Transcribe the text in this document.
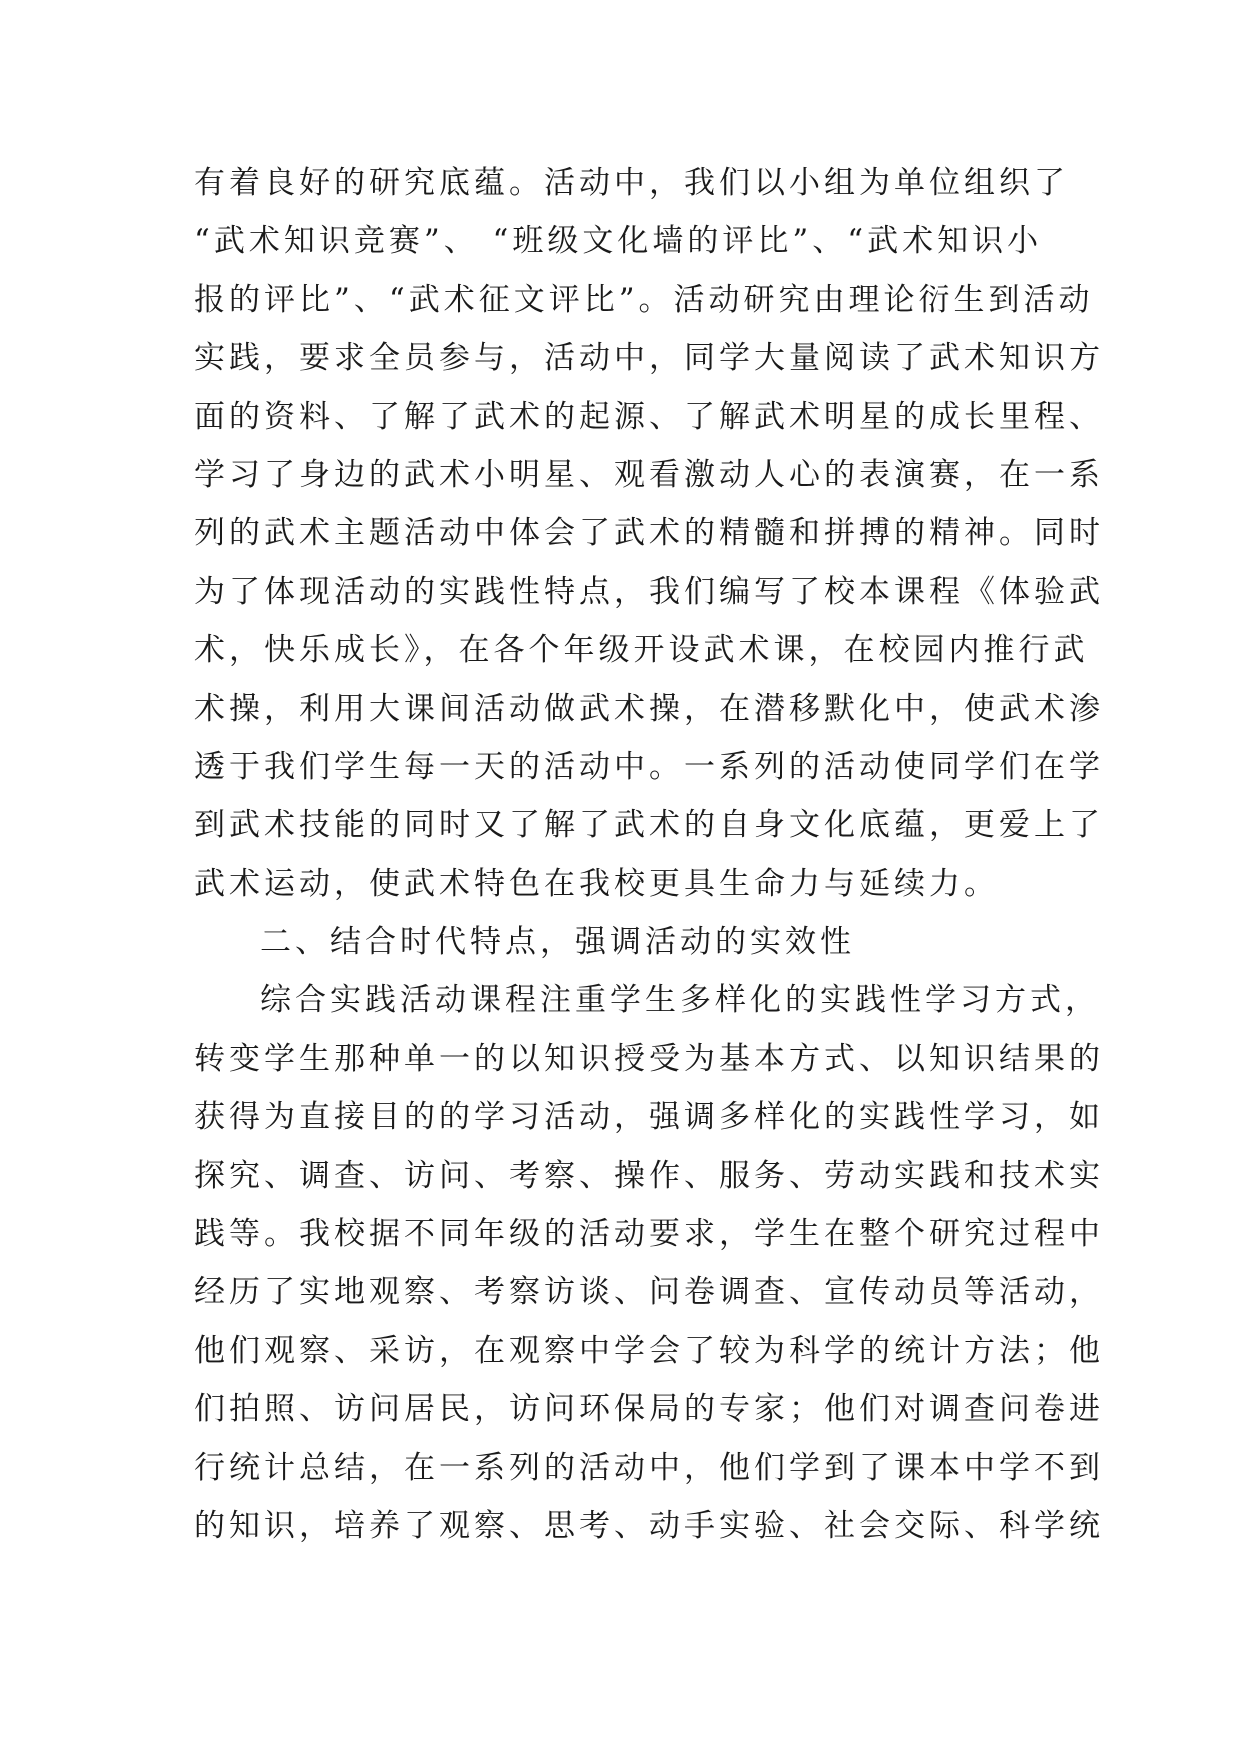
有着良好的研究底蕴。活动中，我们以小组为单位组织了
“武术知识竞赛”、 “班级文化墙的评比”、“武术知识小
报的评比”、“武术征文评比”。活动研究由理论衍生到活动
实践，要求全员参与，活动中，同学大量阅读了武术知识方
面的资料、了解了武术的起源、了解武术明星的成长里程、
学习了身边的武术小明星、观看激动人心的表演赛，在一系
列的武术主题活动中体会了武术的精髓和拼搏的精神。同时
为了体现活动的实践性特点，我们编写了校本课程《体验武
术，快乐成长》，在各个年级开设武术课，在校园内推行武
术操，利用大课间活动做武术操，在潜移默化中，使武术渗
透于我们学生每一天的活动中。一系列的活动使同学们在学
到武术技能的同时又了解了武术的自身文化底蕴，更爱上了
武术运动，使武术特色在我校更具生命力与延续力。
二、结合时代特点，强调活动的实效性
综合实践活动课程注重学生多样化的实践性学习方式，
转变学生那种单一的以知识授受为基本方式、以知识结果的
获得为直接目的的学习活动，强调多样化的实践性学习，如
探究、调查、访问、考察、操作、服务、劳动实践和技术实
践等。我校据不同年级的活动要求，学生在整个研究过程中
经历了实地观察、考察访谈、问卷调查、宣传动员等活动，
他们观察、采访，在观察中学会了较为科学的统计方法；他
们拍照、访问居民，访问环保局的专家；他们对调查问卷进
行统计总结，在一系列的活动中，他们学到了课本中学不到
的知识，培养了观察、思考、动手实验、社会交际、科学统
